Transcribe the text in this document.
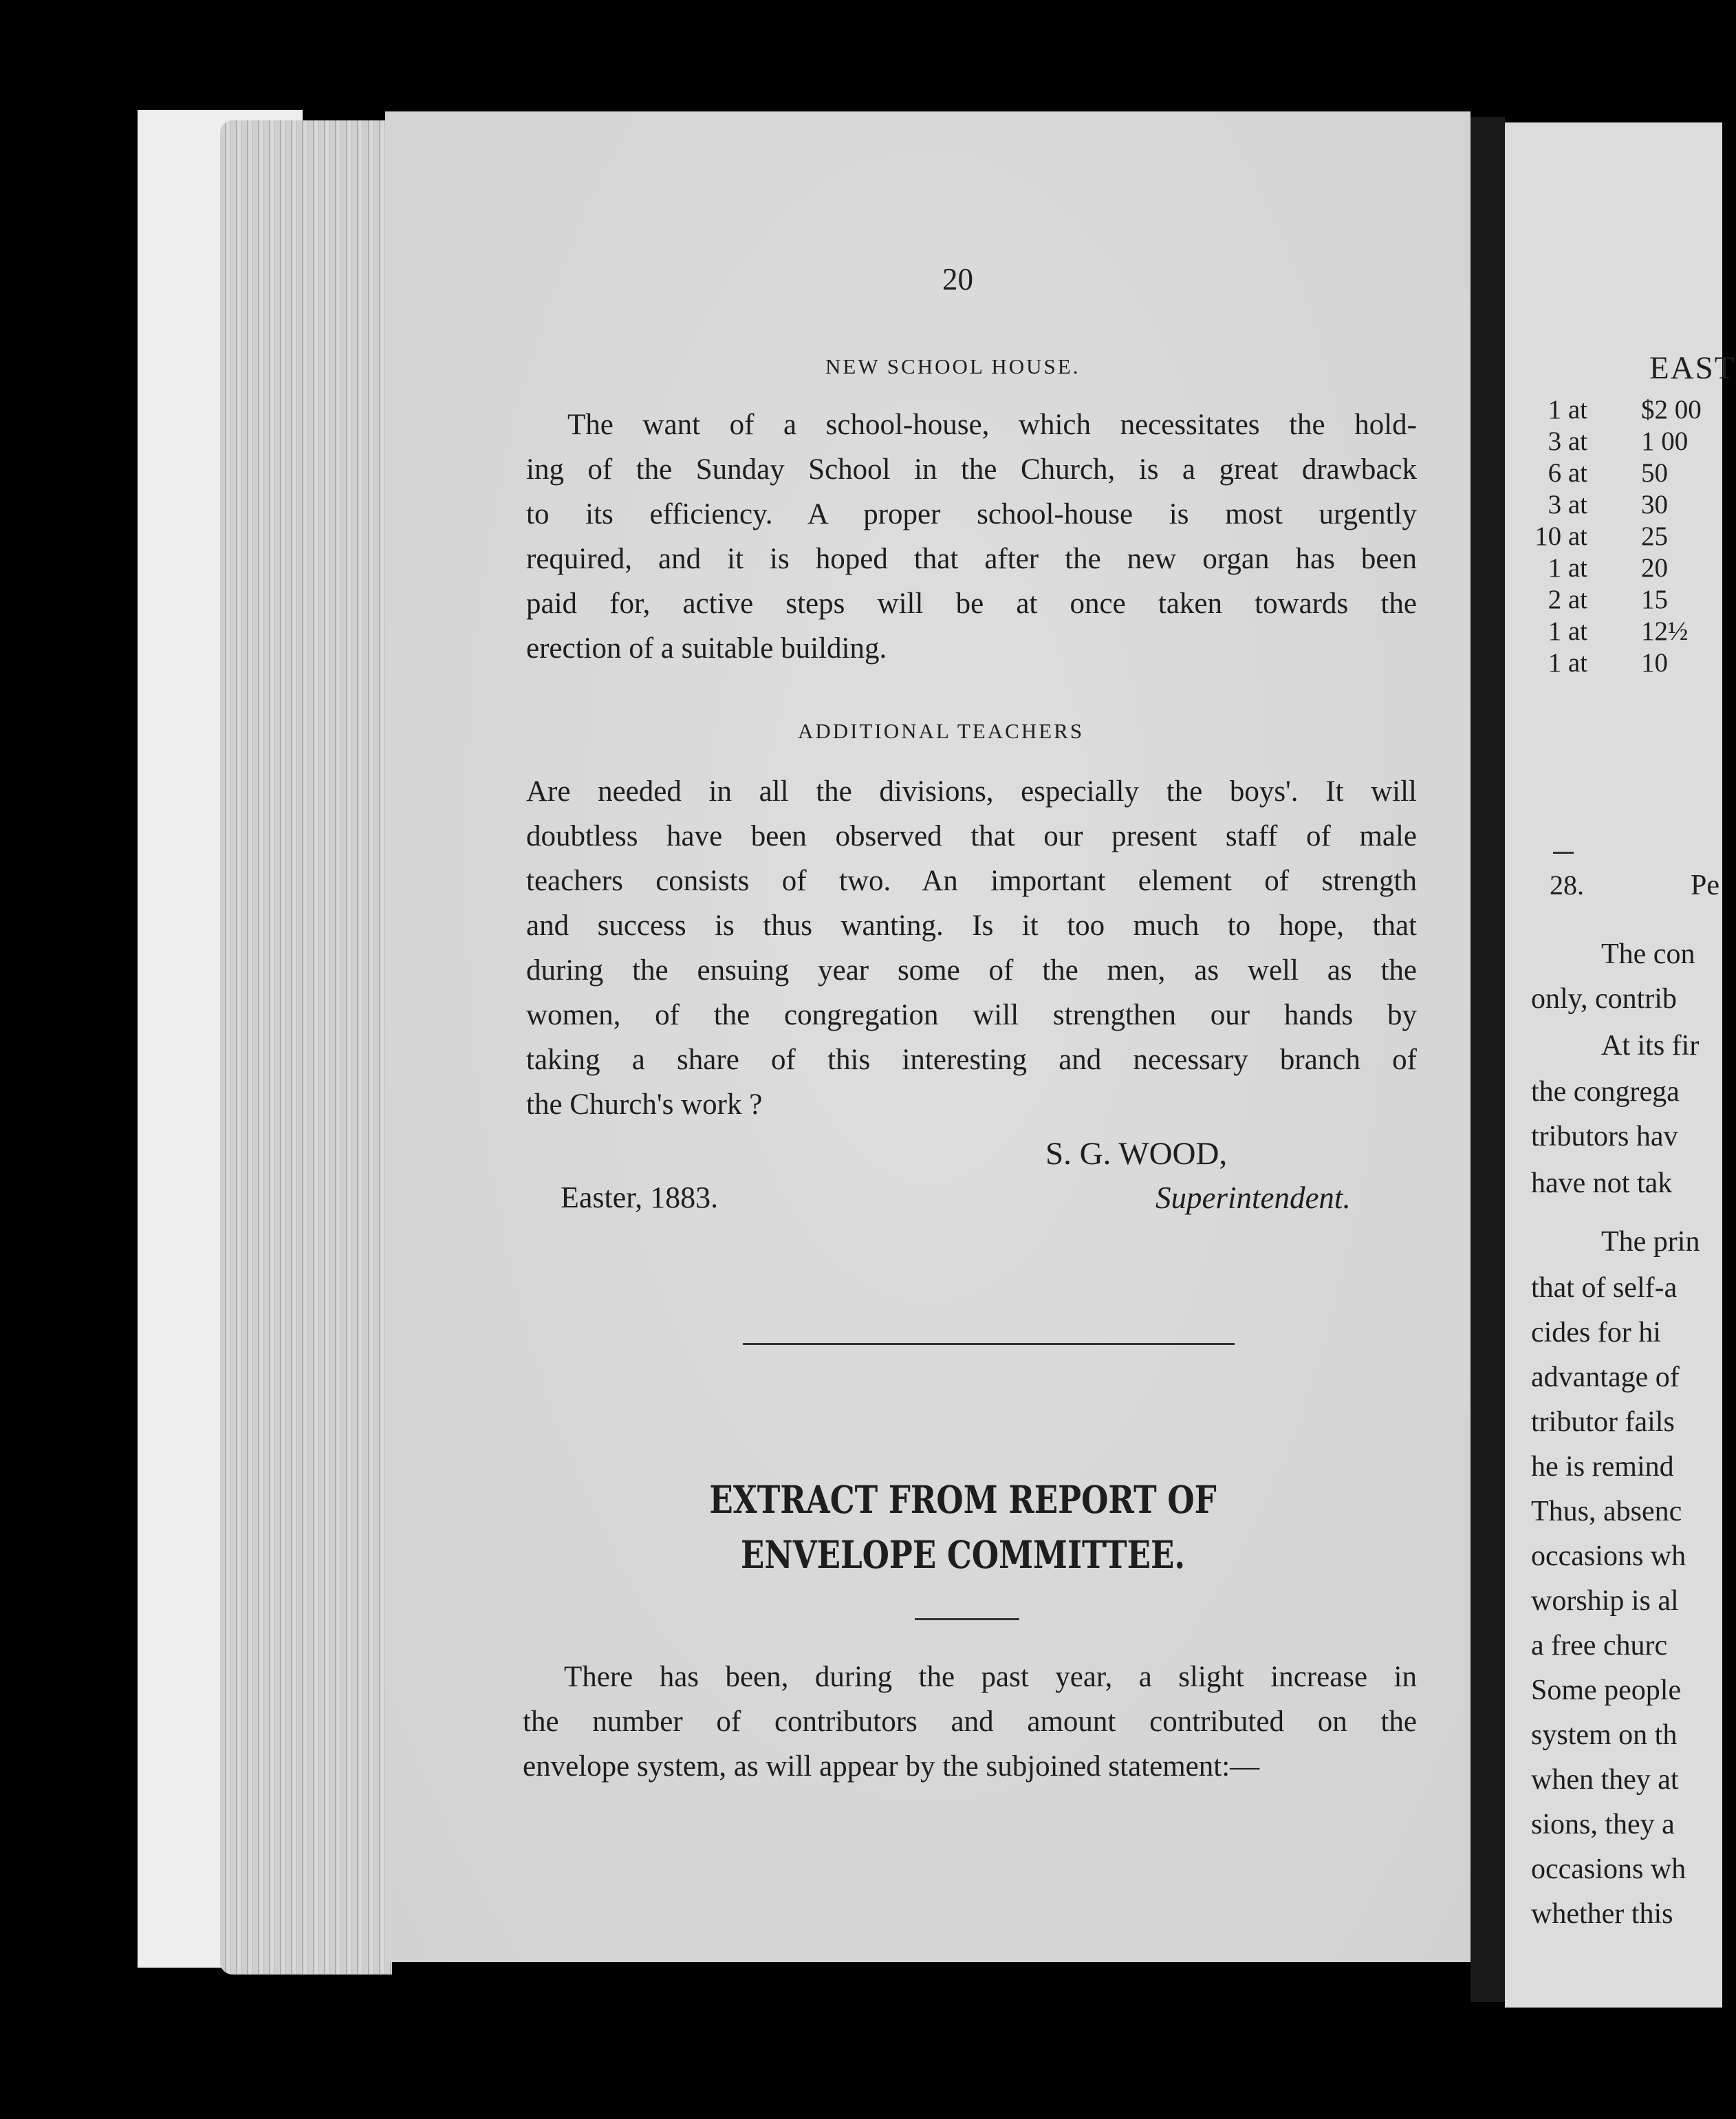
20
NEW SCHOOL HOUSE.
The want of a school-house, which necessitates the hold-
ing of the Sunday School in the Church, is a great drawback
to its efficiency. A proper school-house is most urgently
required, and it is hoped that after the new organ has been
paid for, active steps will be at once taken towards the
erection of a suitable building.
ADDITIONAL TEACHERS
Are needed in all the divisions, especially the boys'. It will
doubtless have been observed that our present staff of male
teachers consists of two. An important element of strength
and success is thus wanting. Is it too much to hope, that
during the ensuing year some of the men, as well as the
women, of the congregation will strengthen our hands by
taking a share of this interesting and necessary branch of
the Church's work ?
S. G. WOOD,
Easter, 1883.	Superintendent.
EXTRACT FROM REPORT OF ENVELOPE COMMITTEE.
There has been, during the past year, a slight increase in
the number of contributors and amount contributed on the
envelope system, as will appear by the subjoined statement:—
EAST
1 at $2 00
3 at 1 00
6 at 50
3 at 30
10 at 25
1 at 20
2 at 15
1 at 12½
1 at 10
28.	Pe
The con
only, contrib
At its fir
the congrega
tributors hav
have not tak
The prin
that of self-a
cides for hi
advantage of
tributor fails
he is remind
Thus, absenc
occasions wh
worship is al
a free churc
Some people
system on th
when they at
sions, they a
occasions wh
whether this
